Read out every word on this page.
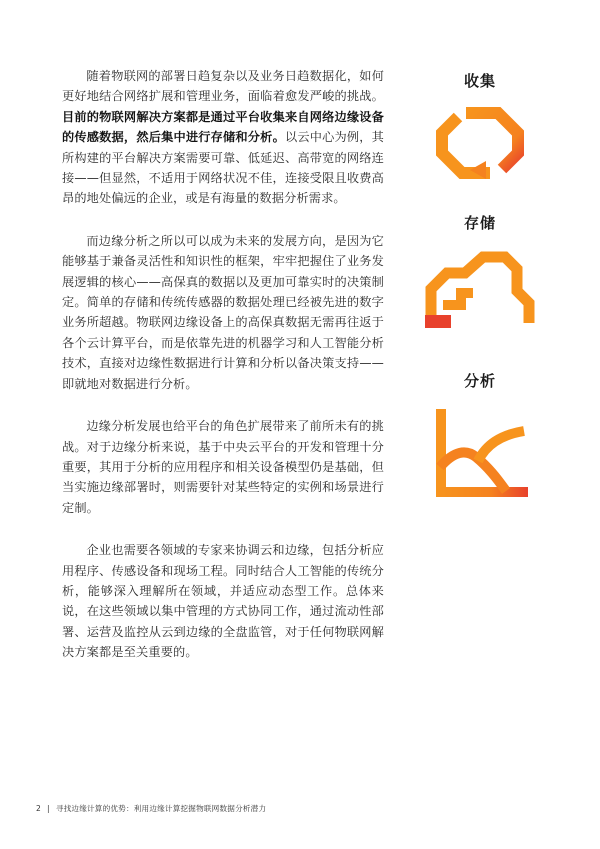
随着物联网的部署日趋复杂以及业务日趋数据化，如何更好地结合网络扩展和管理业务，面临着愈发严峻的挑战。目前的物联网解决方案都是通过平台收集来自网络边缘设备的传感数据，然后集中进行存储和分析。以云中心为例，其所构建的平台解决方案需要可靠、低延迟、高带宽的网络连接——但显然，不适用于网络状况不佳，连接受限且收费高昂的地处偏远的企业，或是有海量的数据分析需求。

而边缘分析之所以可以成为未来的发展方向，是因为它能够基于兼备灵活性和知识性的框架，牢牢把握住了业务发展逻辑的核心——高保真的数据以及更加可靠实时的决策制定。简单的存储和传统传感器的数据处理已经被先进的数字业务所超越。物联网边缘设备上的高保真数据无需再往返于各个云计算平台，而是依靠先进的机器学习和人工智能分析技术，直接对边缘性数据进行计算和分析以备决策支持——即就地对数据进行分析。

边缘分析发展也给平台的角色扩展带来了前所未有的挑战。对于边缘分析来说，基于中央云平台的开发和管理十分重要，其用于分析的应用程序和相关设备模型仍是基础，但当实施边缘部署时，则需要针对某些特定的实例和场景进行定制。

企业也需要各领域的专家来协调云和边缘，包括分析应用程序、传感设备和现场工程。同时结合人工智能的传统分析，能够深入理解所在领域，并适应动态型工作。总体来说，在这些领域以集中管理的方式协同工作，通过流动性部署、运营及监控从云到边缘的全盘监管，对于任何物联网解决方案都是至关重要的。

收集
存储
分析
2 | 寻找边缘计算的优势：利用边缘计算挖掘物联网数据分析潜力
